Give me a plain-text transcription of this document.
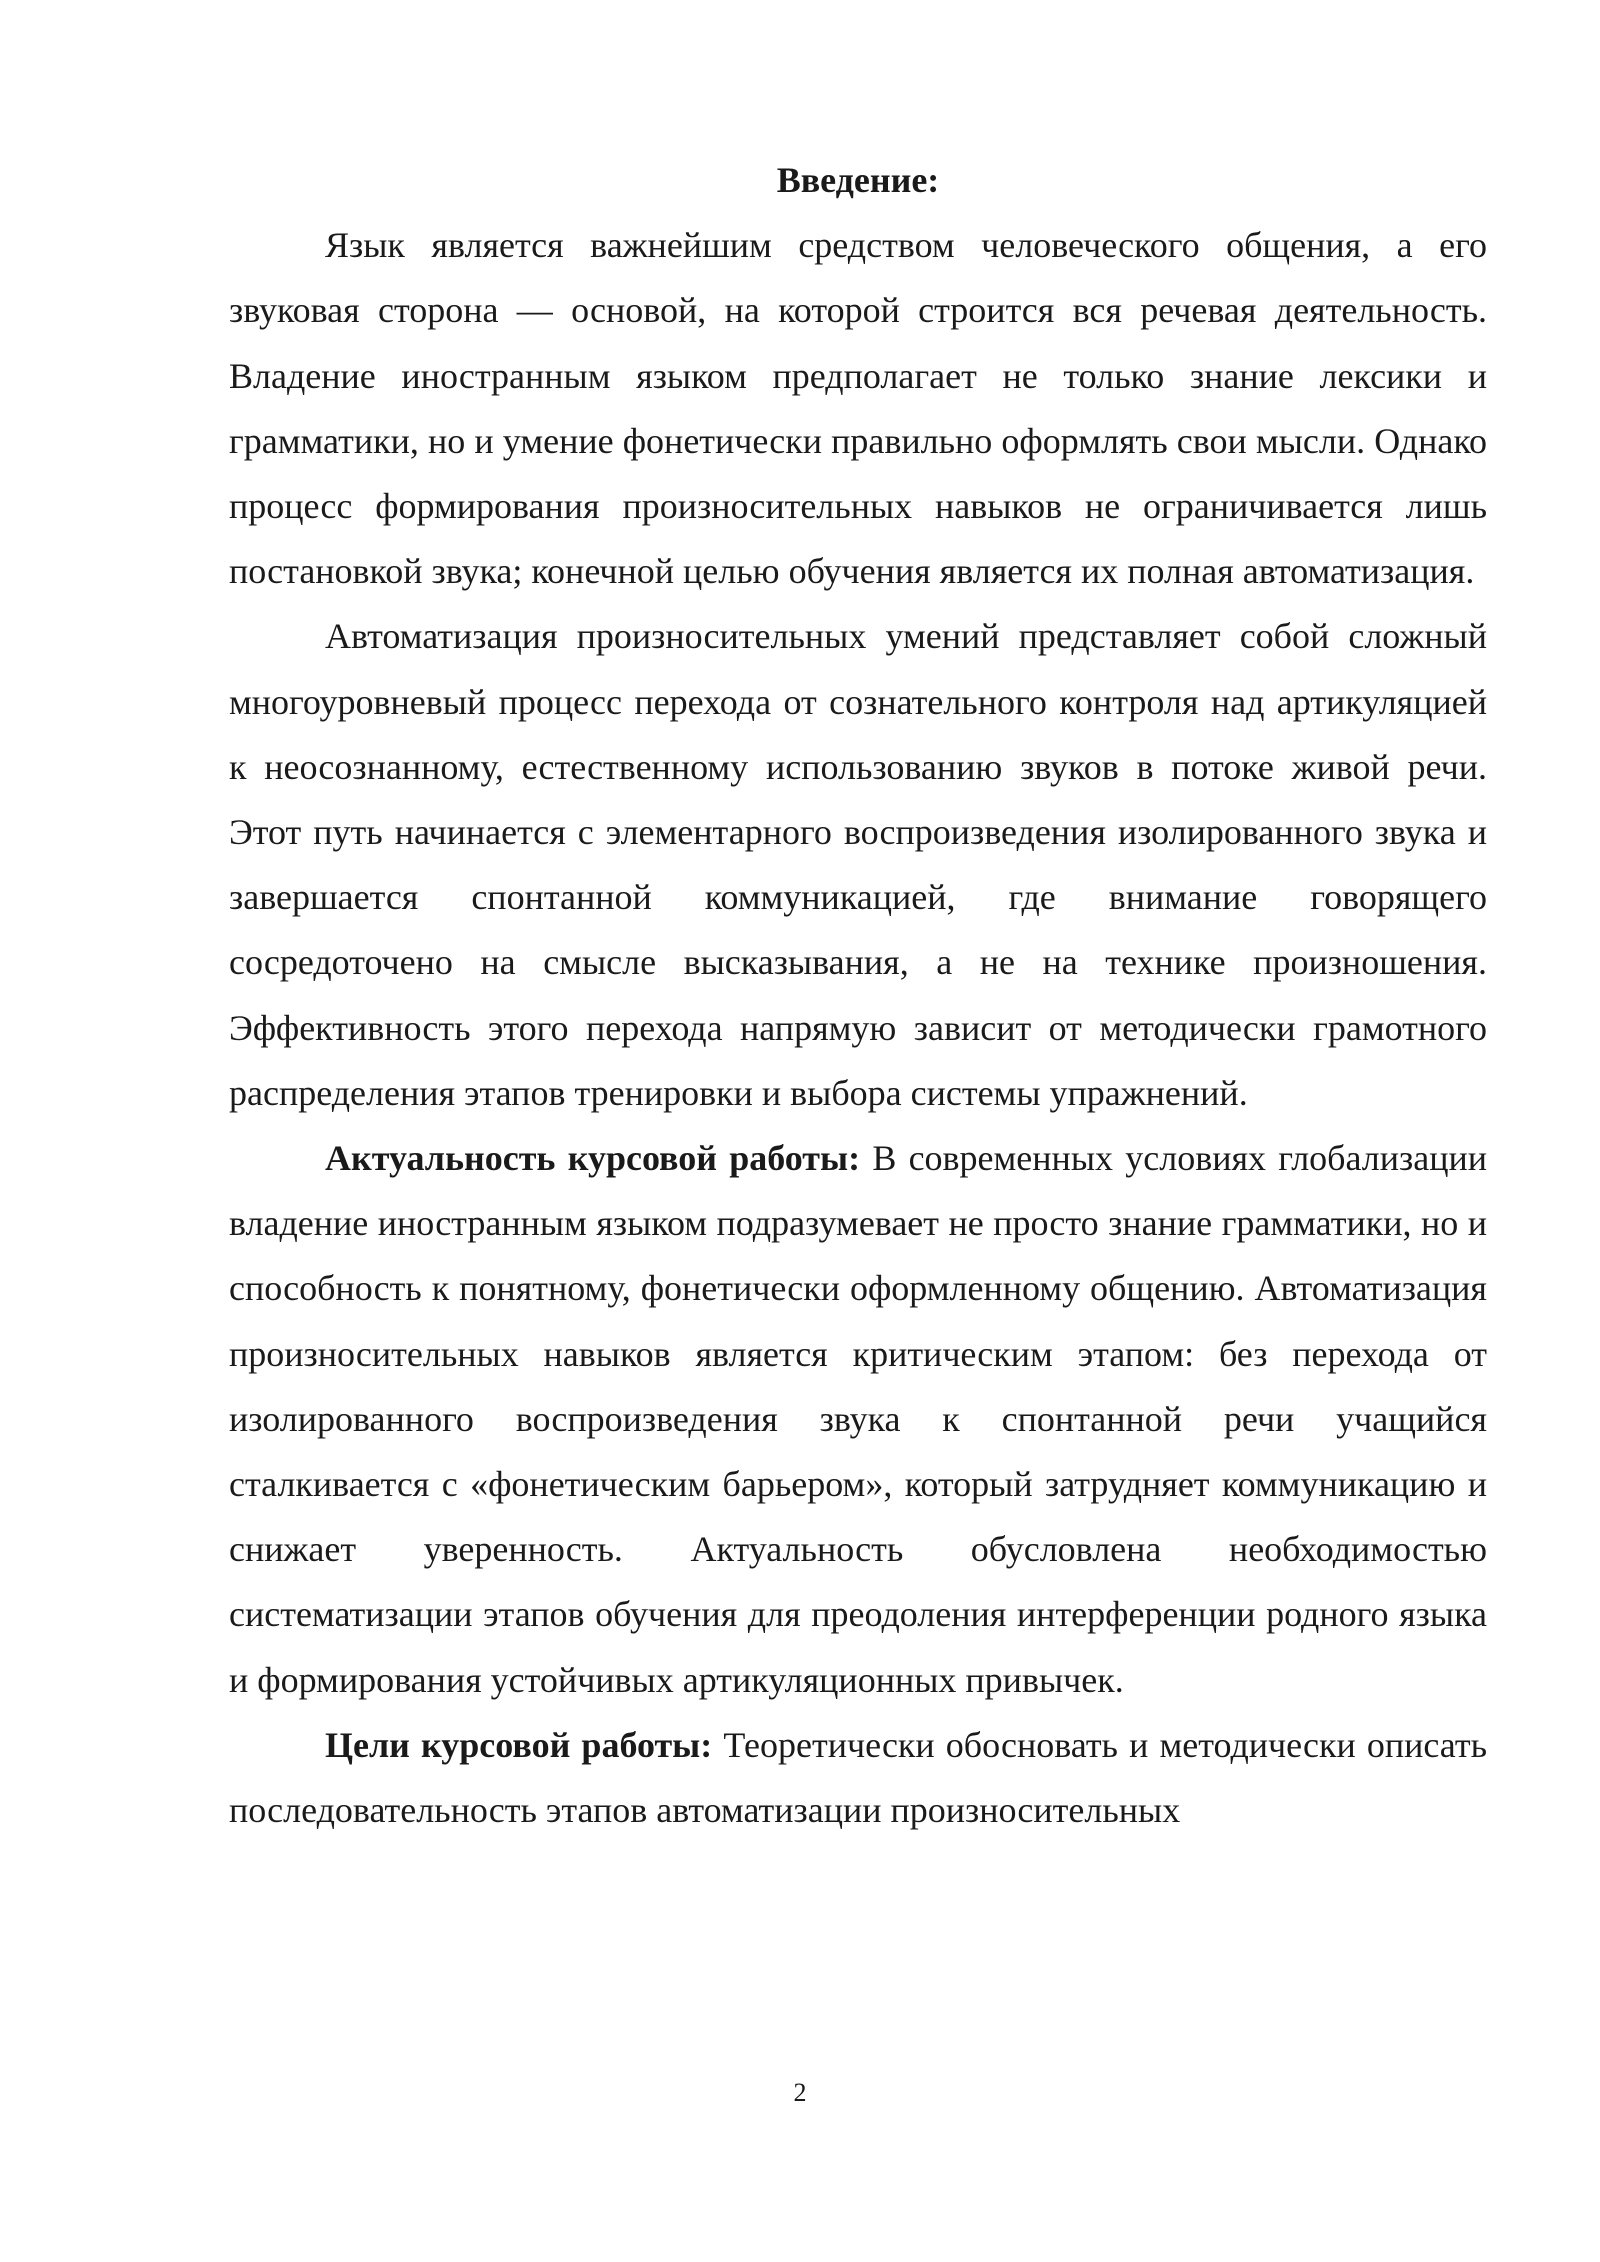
Введение:

Язык является важнейшим средством человеческого общения, а его звуковая сторона — основой, на которой строится вся речевая деятельность. Владение иностранным языком предполагает не только знание лексики и грамматики, но и умение фонетически правильно оформлять свои мысли. Однако процесс формирования произносительных навыков не ограничивается лишь постановкой звука; конечной целью обучения является их полная автоматизация.

Автоматизация произносительных умений представляет собой сложный многоуровневый процесс перехода от сознательного контроля над артикуляцией к неосознанному, естественному использованию звуков в потоке живой речи. Этот путь начинается с элементарного воспроизведения изолированного звука и завершается спонтанной коммуникацией, где внимание говорящего сосредоточено на смысле высказывания, а не на технике произношения. Эффективность этого перехода напрямую зависит от методически грамотного распределения этапов тренировки и выбора системы упражнений.

Актуальность курсовой работы: В современных условиях глобализации владение иностранным языком подразумевает не просто знание грамматики, но и способность к понятному, фонетически оформленному общению. Автоматизация произносительных навыков является критическим этапом: без перехода от изолированного воспроизведения звука к спонтанной речи учащийся сталкивается с «фонетическим барьером», который затрудняет коммуникацию и снижает уверенность. Актуальность обусловлена необходимостью систематизации этапов обучения для преодоления интерференции родного языка и формирования устойчивых артикуляционных привычек.

Цели курсовой работы: Теоретически обосновать и методически описать последовательность этапов автоматизации произносительных

2
